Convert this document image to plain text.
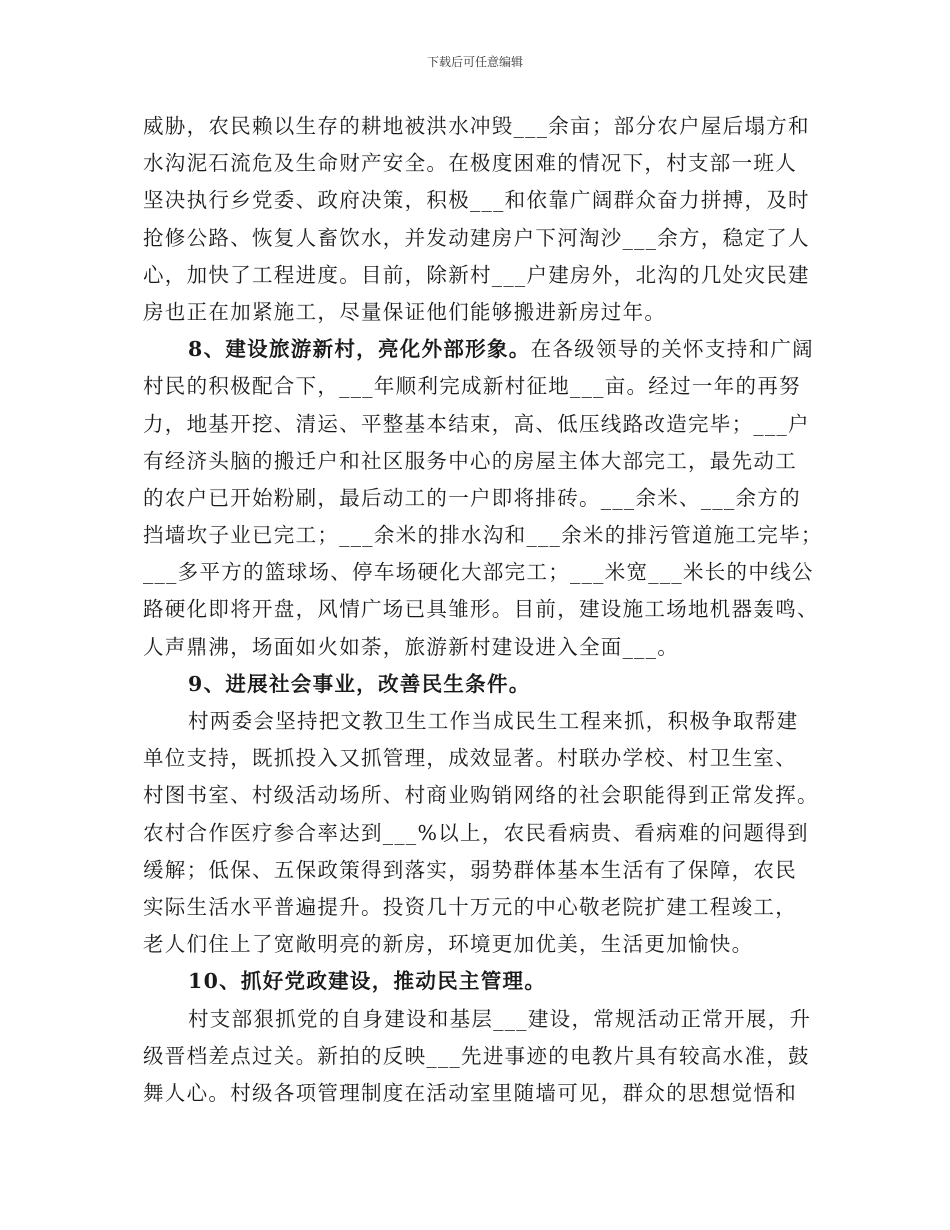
下载后可任意编辑
威胁，农民赖以生存的耕地被洪水冲毁___余亩；部分农户屋后塌方和
水沟泥石流危及生命财产安全。在极度困难的情况下，村支部一班人
坚决执行乡党委、政府决策，积极___和依靠广阔群众奋力拼搏，及时
抢修公路、恢复人畜饮水，并发动建房户下河淘沙___余方，稳定了人
心，加快了工程进度。目前，除新村___户建房外，北沟的几处灾民建
房也正在加紧施工，尽量保证他们能够搬进新房过年。
8、建设旅游新村，亮化外部形象。在各级领导的关怀支持和广阔
村民的积极配合下，___年顺利完成新村征地___亩。经过一年的再努
力，地基开挖、清运、平整基本结束，高、低压线路改造完毕；___户
有经济头脑的搬迁户和社区服务中心的房屋主体大部完工，最先动工
的农户已开始粉刷，最后动工的一户即将排砖。___余米、___余方的
挡墙坎子业已完工；___余米的排水沟和___余米的排污管道施工完毕；
___多平方的篮球场、停车场硬化大部完工；___米宽___米长的中线公
路硬化即将开盘，风情广场已具雏形。目前，建设施工场地机器轰鸣、
人声鼎沸，场面如火如荼，旅游新村建设进入全面___。
9、进展社会事业，改善民生条件。
村两委会坚持把文教卫生工作当成民生工程来抓，积极争取帮建
单位支持，既抓投入又抓管理，成效显著。村联办学校、村卫生室、
村图书室、村级活动场所、村商业购销网络的社会职能得到正常发挥。
农村合作医疗参合率达到___%以上，农民看病贵、看病难的问题得到
缓解；低保、五保政策得到落实，弱势群体基本生活有了保障，农民
实际生活水平普遍提升。投资几十万元的中心敬老院扩建工程竣工，
老人们住上了宽敞明亮的新房，环境更加优美，生活更加愉快。
10、抓好党政建设，推动民主管理。
村支部狠抓党的自身建设和基层___建设，常规活动正常开展，升
级晋档差点过关。新拍的反映___先进事迹的电教片具有较高水准，鼓
舞人心。村级各项管理制度在活动室里随墙可见，群众的思想觉悟和
